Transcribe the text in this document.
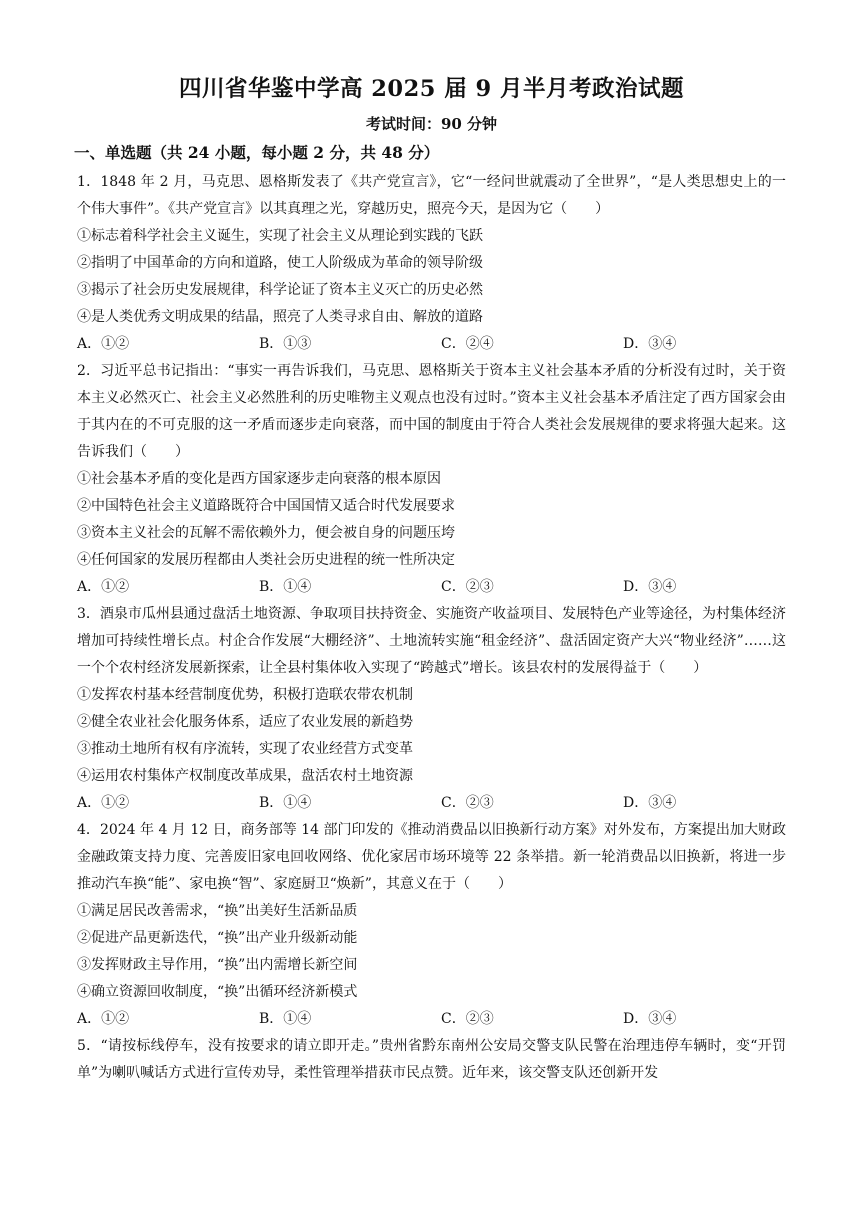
四川省华鉴中学高 2025 届 9 月半月考政治试题
考试时间：90 分钟
一、单选题（共 24 小题，每小题 2 分，共 48 分）

1．1848 年 2 月，马克思、恩格斯发表了《共产党宣言》，它“一经问世就震动了全世界”，“是人类思想史上的一个伟大事件”。《共产党宣言》以其真理之光，穿越历史，照亮今天，是因为它（　　）

①标志着科学社会主义诞生，实现了社会主义从理论到实践的飞跃

②指明了中国革命的方向和道路，使工人阶级成为革命的领导阶级

③揭示了社会历史发展规律，科学论证了资本主义灭亡的历史必然

④是人类优秀文明成果的结晶，照亮了人类寻求自由、解放的道路

A．①②	B．①③	C．②④	D．③④

2．习近平总书记指出：“事实一再告诉我们，马克思、恩格斯关于资本主义社会基本矛盾的分析没有过时，关于资本主义必然灭亡、社会主义必然胜利的历史唯物主义观点也没有过时。”资本主义社会基本矛盾注定了西方国家会由于其内在的不可克服的这一矛盾而逐步走向衰落，而中国的制度由于符合人类社会发展规律的要求将强大起来。这告诉我们（　　）

①社会基本矛盾的变化是西方国家逐步走向衰落的根本原因

②中国特色社会主义道路既符合中国国情又适合时代发展要求

③资本主义社会的瓦解不需依赖外力，便会被自身的问题压垮

④任何国家的发展历程都由人类社会历史进程的统一性所决定

A．①②	B．①④	C．②③	D．③④

3．酒泉市瓜州县通过盘活土地资源、争取项目扶持资金、实施资产收益项目、发展特色产业等途径，为村集体经济增加可持续性增长点。村企合作发展“大棚经济”、土地流转实施“租金经济”、盘活固定资产大兴“物业经济”……这一个个农村经济发展新探索，让全县村集体收入实现了“跨越式”增长。该县农村的发展得益于（　　）

①发挥农村基本经营制度优势，积极打造联农带农机制

②健全农业社会化服务体系，适应了农业发展的新趋势

③推动土地所有权有序流转，实现了农业经营方式变革

④运用农村集体产权制度改革成果，盘活农村土地资源

A．①②	B．①④	C．②③	D．③④

4．2024 年 4 月 12 日，商务部等 14 部门印发的《推动消费品以旧换新行动方案》对外发布，方案提出加大财政金融政策支持力度、完善废旧家电回收网络、优化家居市场环境等 22 条举措。新一轮消费品以旧换新，将进一步推动汽车换“能”、家电换“智”、家庭厨卫“焕新”，其意义在于（　　）

①满足居民改善需求，“换”出美好生活新品质

②促进产品更新迭代，“换”出产业升级新动能

③发挥财政主导作用，“换”出内需增长新空间

④确立资源回收制度，“换”出循环经济新模式

A．①②	B．①④	C．②③	D．③④

5．“请按标线停车，没有按要求的请立即开走。”贵州省黔东南州公安局交警支队民警在治理违停车辆时，变“开罚单”为喇叭喊话方式进行宣传劝导，柔性管理举措获市民点赞。近年来，该交警支队还创新开发
